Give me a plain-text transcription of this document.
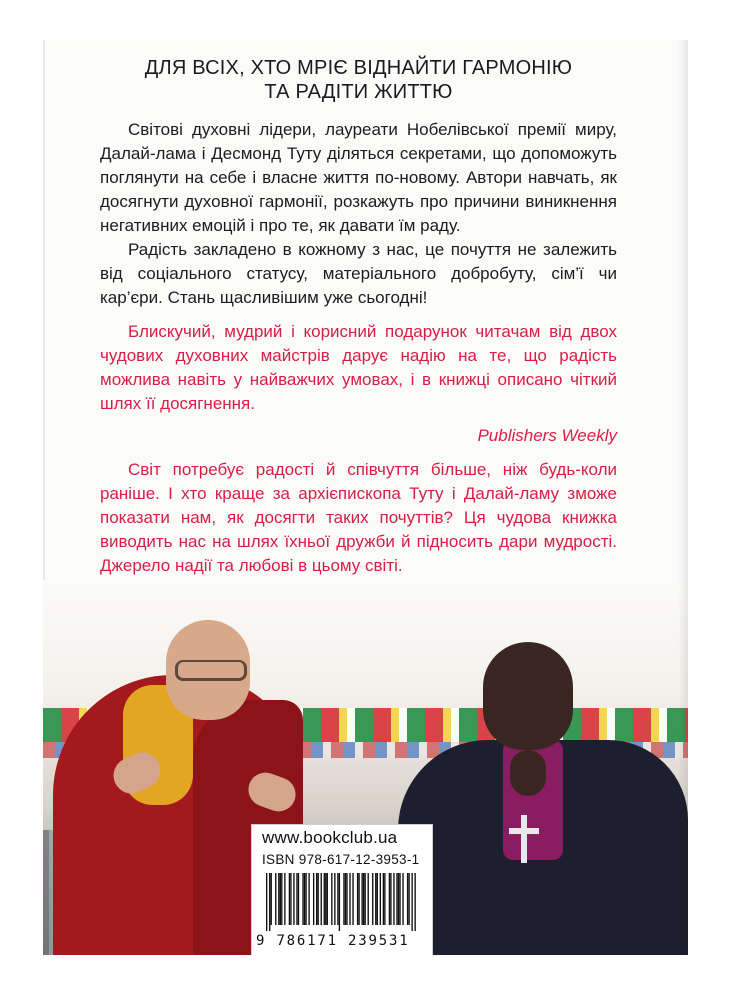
ДЛЯ ВСІХ, ХТО МРІЄ ВІДНАЙТИ ГАРМОНІЮ
ТА РАДІТИ ЖИТТЮ

Світові духовні лідери, лауреати Нобелівської премії миру, Далай-лама і Десмонд Туту діляться секретами, що допоможуть поглянути на себе і власне життя по-новому. Автори навчать, як досягнути духовної гармонії, розкажуть про причини виникнення негативних емоцій і про те, як давати їм раду.

Радість закладено в кожному з нас, це почуття не залежить від соціального статусу, матеріального добробуту, сім’ї чи кар’єри. Стань щасливішим уже сьогодні!

Блискучий, мудрий і корисний подарунок читачам від двох чудових духовних майстрів дарує надію на те, що радість можлива навіть у найважчих умовах, і в книжці описано чіткий шлях її досягнення.

Publishers Weekly

Світ потребує радості й співчуття більше, ніж будь-коли раніше. І хто краще за архієпископа Туту і Далай-ламу зможе показати нам, як досягти таких почуттів? Ця чудова книжка виводить нас на шлях їхньої дружби й підносить дари мудрості. Джерело надії та любові в цьому світі.

www.bookclub.ua
ISBN 978-617-12-3953-1
9 786171 239531
